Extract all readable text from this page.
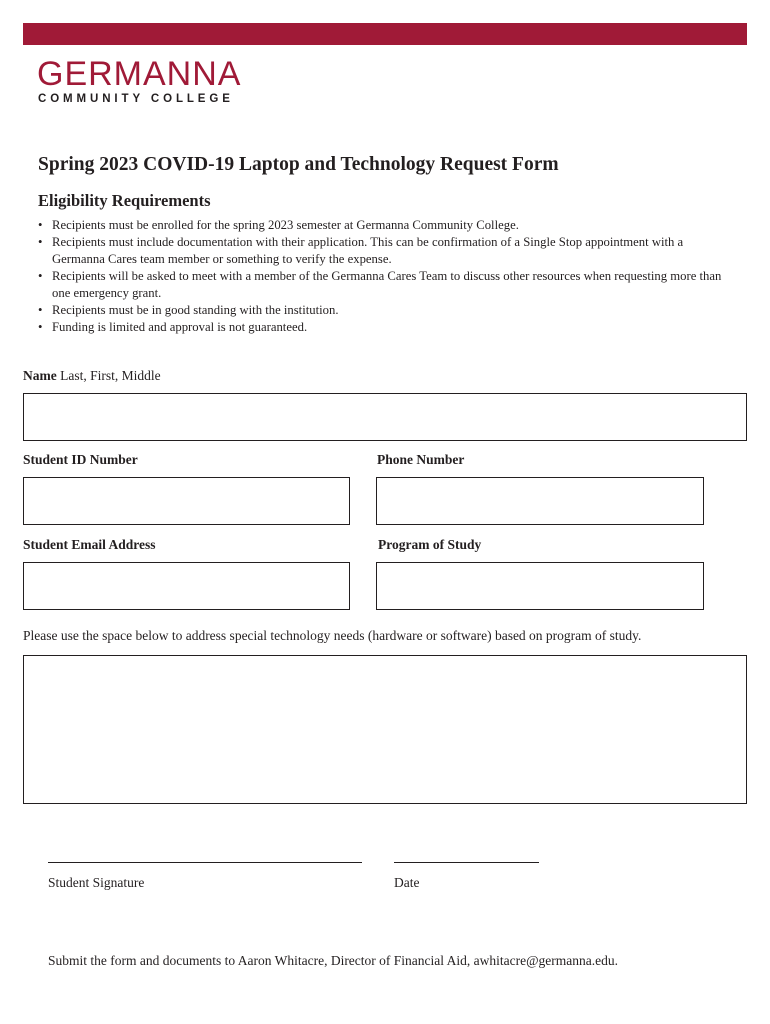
GERMANNA
COMMUNITY COLLEGE
Spring 2023 COVID-19 Laptop and Technology Request Form
Eligibility Requirements
• Recipients must be enrolled for the spring 2023 semester at Germanna Community College.
• Recipients must include documentation with their application. This can be confirmation of a Single Stop appointment with a Germanna Cares team member or something to verify the expense.
• Recipients will be asked to meet with a member of the Germanna Cares Team to discuss other resources when requesting more than one emergency grant.
• Recipients must be in good standing with the institution.
• Funding is limited and approval is not guaranteed.
Name Last, First, Middle
Student ID Number	Phone Number
Student Email Address	Program of Study
Please use the space below to address special technology needs (hardware or software) based on program of study.
Student Signature	Date
Submit the form and documents to Aaron Whitacre, Director of Financial Aid, awhitacre@germanna.edu.
